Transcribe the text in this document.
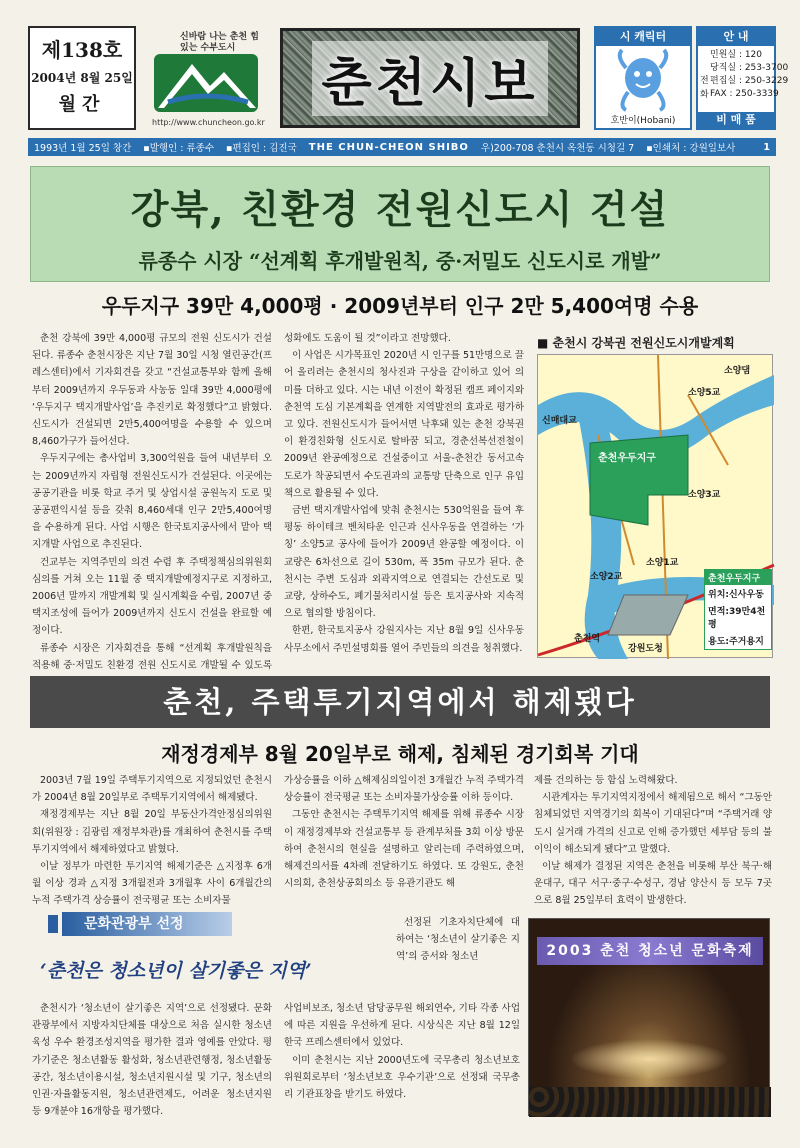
제138호
2004년 8월 25일
월간
신바람 나는 춘천 힘 있는 수부도시
http://www.chuncheon.go.kr
춘천시보
시 캐릭터
호반이(Hobani)
안 내
민원실 : 120
당직실 : 253-3700
편집실 : 250-3229
FAX : 250-3339
비 매 품
전 화
1993년 1월 25일 창간 ▪발행인 : 류종수 ▪편집인 : 김진국 THE CHUN-CHEON SHIBO 우)200-708 춘천시 옥천동 시청길 7 ▪인쇄처 : 강원일보사	1
강북, 친환경 전원신도시 건설
류종수 시장 “선계획 후개발원칙, 중·저밀도 신도시로 개발”
우두지구 39만 4,000평 · 2009년부터 인구 2만 5,400여명 수용

춘천 강북에 39만 4,000평 규모의 전원 신도시가 건설된다. 류종수 춘천시장은 지난 7월 30일 시청 열린공간(프레스센터)에서 기자회견을 갖고 “건설교통부와 함께 올해부터 2009년까지 우두동과 사농동 일대 39만 4,000평에 ‘우두지구 택지개발사업’을 추진키로 확정했다”고 밝혔다. 신도시가 건설되면 2만5,400여명을 수용할 수 있으며 8,460가구가 들어선다.

우두지구에는 총사업비 3,300억원을 들여 내년부터 오는 2009년까지 자립형 전원신도시가 건설된다. 이곳에는 공공기관을 비롯 학교 주거 및 상업시설 공원녹지 도로 및 공공편익시설 등을 갖춰 8,460세대 인구 2만5,400여명을 수용하게 된다. 사업 시행은 한국토지공사에서 맡아 택지개발 사업으로 추진된다.

건교부는 지역주민의 의견 수렴 후 주택정책심의위원회 심의를 거쳐 오는 11월 중 택지개발예정지구로 지정하고, 2006년 말까지 개발계획 및 실시계획을 수립, 2007년 중 택지조성에 들어가 2009년까지 신도시 건설을 완료할 예정이다.

류종수 시장은 기자회견을 통해 “선계획 후개발원칙을 적용해 중·저밀도 친환경 전원 신도시로 개발될 수 있도록

성화에도 도움이 될 것”이라고 전망했다.

이 사업은 시가목표인 2020년 시 인구를 51만명으로 끌어 올리려는 춘천시의 청사진과 구상을 같이하고 있어 의미를 더하고 있다. 시는 내년 이전이 확정된 캠프 페이지와 춘천역 도심 기본계획을 연계한 지역발전의 효과로 평가하고 있다. 전원신도시가 들어서면 낙후돼 있는 춘천 강북권이 환경친화형 신도시로 탈바꿈 되고, 경춘선복선전철이 2009년 완공예정으로 건설중이고 서울-춘천간 동서고속도로가 착공되면서 수도권과의 교통망 단축으로 인구 유입책으로 활용될 수 있다.

금번 택지개발사업에 맞춰 춘천시는 530억원을 들여 후평동 하이테크 벤처타운 인근과 신사우동을 연결하는 ‘가칭’ 소양5교 공사에 들어가 2009년 완공할 예정이다. 이 교량은 6차선으로 길이 530m, 폭 35m 규모가 된다. 춘천시는 주변 도심과 외곽지역으로 연결되는 간선도로 및 교량, 상하수도, 폐기물처리시설 등은 토지공사와 지속적으로 협의할 방침이다.

한편, 한국토지공사 강원지사는 지난 8월 9일 신사우동사무소에서 주민설명회를 열어 주민들의 의견을 청취했다.

■ 춘천시 강북권 전원신도시개발계획
춘천우두지구
소양댐
소양5교
신매대교
소양3교
소양1교
소양2교
춘천역
강원도청
춘천우두지구
위치:신사우동
면적:39만4천평
용도:주거용지
춘천, 주택투기지역에서 해제됐다
재정경제부 8월 20일부로 해제, 침체된 경기회복 기대

2003년 7월 19일 주택투기지역으로 지정되었던 춘천시가 2004년 8월 20일부로 주택투기지역에서 해제됐다.

재정경제부는 지난 8월 20일 부동산가격안정심의위원회(위원장 : 김광림 재정부차관)를 개최하여 춘천시를 주택투기지역에서 해제하였다고 밝혔다.

이날 정부가 마련한 투기지역 해제기준은 △지정후 6개월 이상 경과 △지정 3개월전과 3개월후 사이 6개월간의 누적 주택가격 상승률이 전국평균 또는 소비자물

가상승률을 이하 △해제심의일이전 3개월간 누적 주택가격 상승률이 전국평균 또는 소비자물가상승률 이하 등이다.

그동안 춘천시는 주택투기지역 해제를 위해 류종수 시장이 재정경제부와 건설교통부 등 관계부처를 3회 이상 방문하여 춘천시의 현실을 설명하고 알리는데 주력하였으며, 해제건의서를 4차례 전달하기도 하였다. 또 강원도, 춘천시의회, 춘천상공회의소 등 유관기관도 해

제를 건의하는 등 함십 노력해왔다.

시관계자는 투기지역지정에서 해제됨으로 해서 “그동안 침체되었던 지역경기의 회복이 기대된다”며 “주택거래 양도시 실거래 가격의 신고로 인해 증가했던 세부담 등의 불이익이 해소되게 됐다”고 말했다.

이날 해제가 결정된 지역은 춘천을 비롯해 부산 북구·해운대구, 대구 서구·중구·수성구, 경남 양산시 등 모두 7곳으로 8월 25일부터 효력이 발생한다.

문화관광부 선정
‘춘천은 청소년이 살기좋은 지역’

선정된 기초자치단체에 대하여는 ‘청소년이 살기좋은 지역’의 증서와 청소년

춘천시가 ‘청소년이 살기좋은 지역’으로 선정됐다. 문화관광부에서 지방자치단체를 대상으로 처음 실시한 청소년육성 우수 환경조성지역을 평가한 결과 영예를 안았다. 평가기준은 청소년활동 활성화, 청소년관련행정, 청소년활동공간, 청소년이용시설, 청소년지원시설 및 기구, 청소년의 인권·자율활동지원, 청소년관련제도, 어려운 청소년지원 등 9개분야 16개항을 평가했다.

사업비보조, 청소년 담당공무원 해외연수, 기타 각종 사업에 따른 지원을 우선하게 된다. 시상식은 지난 8월 12일 한국 프레스센터에서 있었다.

이미 춘천시는 지난 2000년도에 국무총리 청소년보호위원회로부터 ‘청소년보호 우수기관’으로 선정돼 국무총리 기관표창을 받기도 하였다.

2003 춘천 청소년 문화축제
